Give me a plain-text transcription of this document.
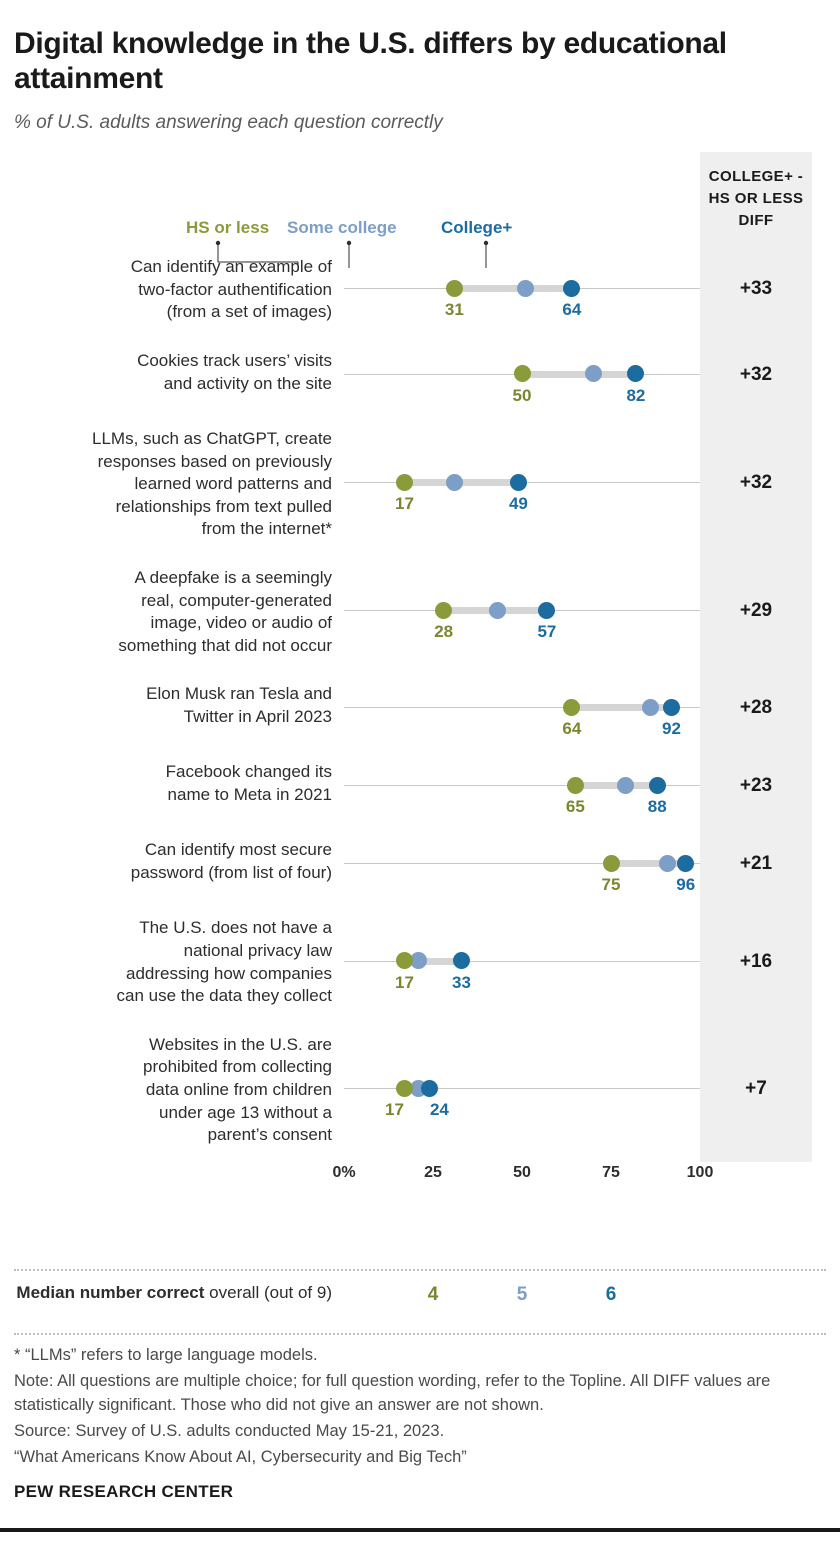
Digital knowledge in the U.S. differs by educational attainment
% of U.S. adults answering each question correctly
COLLEGE+ -
HS OR LESS
DIFF
HS or less Some college	College+
Can identify an example of
two-factor authentification
(from a set of images)	31	64
+33
Cookies track users’ visits
and activity on the site
50	82
+32
LLMs, such as ChatGPT, create
responses based on previously
learned word patterns and
relationships from text pulled
from the internet*
17	49
+32
A deepfake is a seemingly
real, computer-generated
image, video or audio of
something that did not occur
28	57
+29
Elon Musk ran Tesla and
Twitter in April 2023
64	92
+28
Facebook changed its
name to Meta in 2021
65	88
+23
Can identify most secure
password (from list of four)
75	96
+21
The U.S. does not have a
national privacy law
addressing how companies
can use the data they collect
17 33
+16
Websites in the U.S. are
prohibited from collecting
data online from children
under age 13 without a
parent’s consent
17 24
+7
0%	25	50	75	100
Median number correct overall (out of 9)	4	5	6
* “LLMs” refers to large language models.
Note: All questions are multiple choice; for full question wording, refer to the Topline. All DIFF values are statistically significant. Those who did not give an answer are not shown.
Source: Survey of U.S. adults conducted May 15-21, 2023.
“What Americans Know About AI, Cybersecurity and Big Tech”
PEW RESEARCH CENTER
